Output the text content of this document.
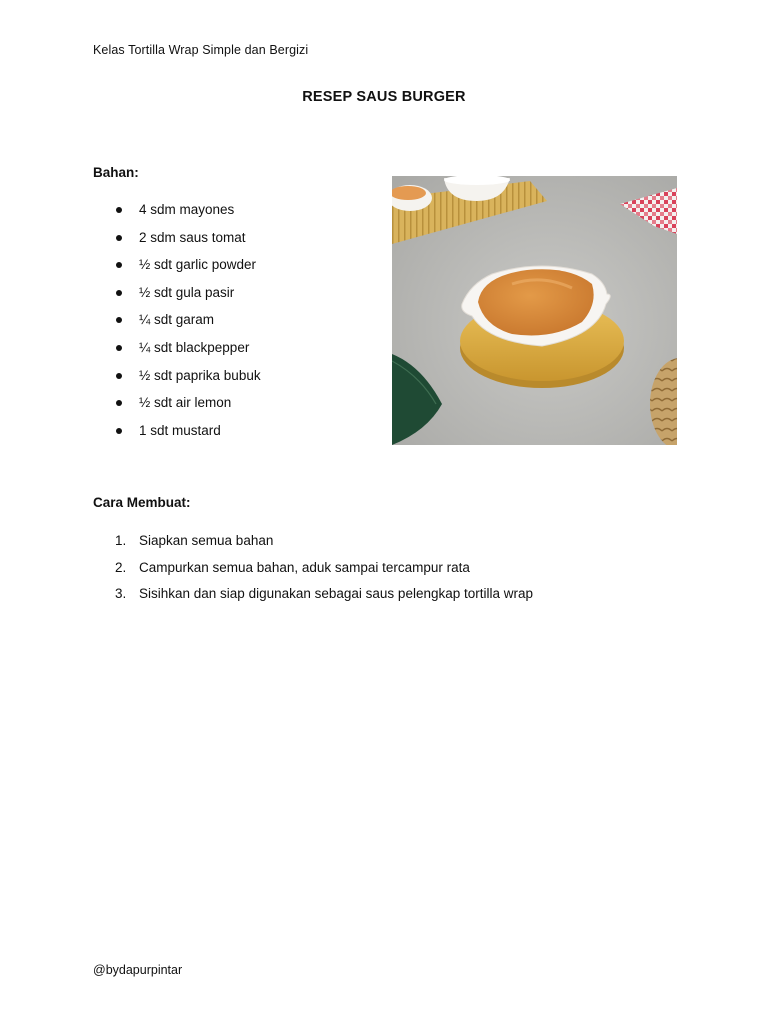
Kelas Tortilla Wrap Simple dan Bergizi
RESEP SAUS BURGER
Bahan:
4 sdm mayones
2 sdm saus tomat
½ sdt garlic powder
½ sdt gula pasir
¼ sdt garam
¼ sdt blackpepper
½ sdt paprika bubuk
½ sdt air lemon
1 sdt mustard
Cara Membuat:
1. Siapkan semua bahan
2. Campurkan semua bahan, aduk sampai tercampur rata
3. Sisihkan dan siap digunakan sebagai saus pelengkap tortilla wrap
@bydapurpintar
